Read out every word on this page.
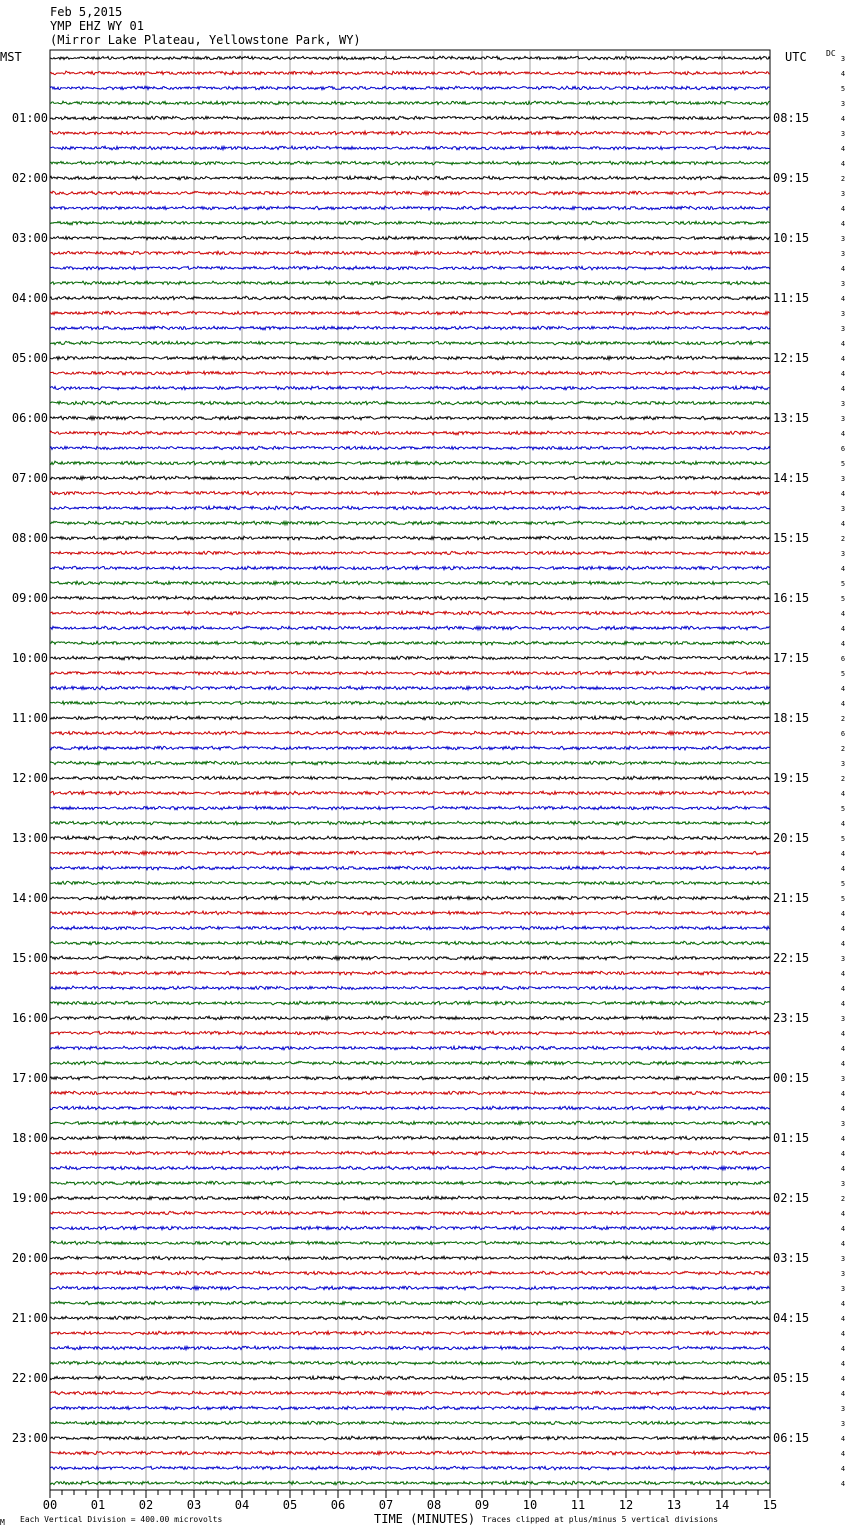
Feb 5,2015
YMP EHZ WY 01
(Mirror Lake Plateau, Yellowstone Park, WY)
MST	UTC DC
3
4
5
3
4
3
4
4
2
3
4
4
3
3
4
3
4
3
3
4
4
4
4
3
3
4
6
5
3
4
3
4
2
3
4
5
5
4
4
4
6
5
4
4
2
6
2
3
2
4
5
4
5
4
4
5
5
4
4
4
3
4
4
4
3
4
4
4
3
4
4
3
4
4
4
3
2
4
4
4
3
3
3
4
4
4
4
4
4
4
3
3
4
4
4
4
01:00
02:00
03:00
04:00
05:00
06:00
07:00
08:00
09:00
10:00
11:00
12:00
13:00
14:00
15:00
16:00
17:00
18:00
19:00
20:00
21:00
22:00
23:00
08:15
09:15
10:15
11:15
12:15
13:15
14:15
15:15
16:15
17:15
18:15
19:15
20:15
21:15
22:15
23:15
00:15
01:15
02:15
03:15
04:15
05:15
06:15
00	01	02	03	04	05	06	07	08	09	10	11	12	13	14	15
M Each Vertical Division = 400.00 microvolts	TIME (MINUTES) Traces clipped at plus/minus 5 vertical divisions
